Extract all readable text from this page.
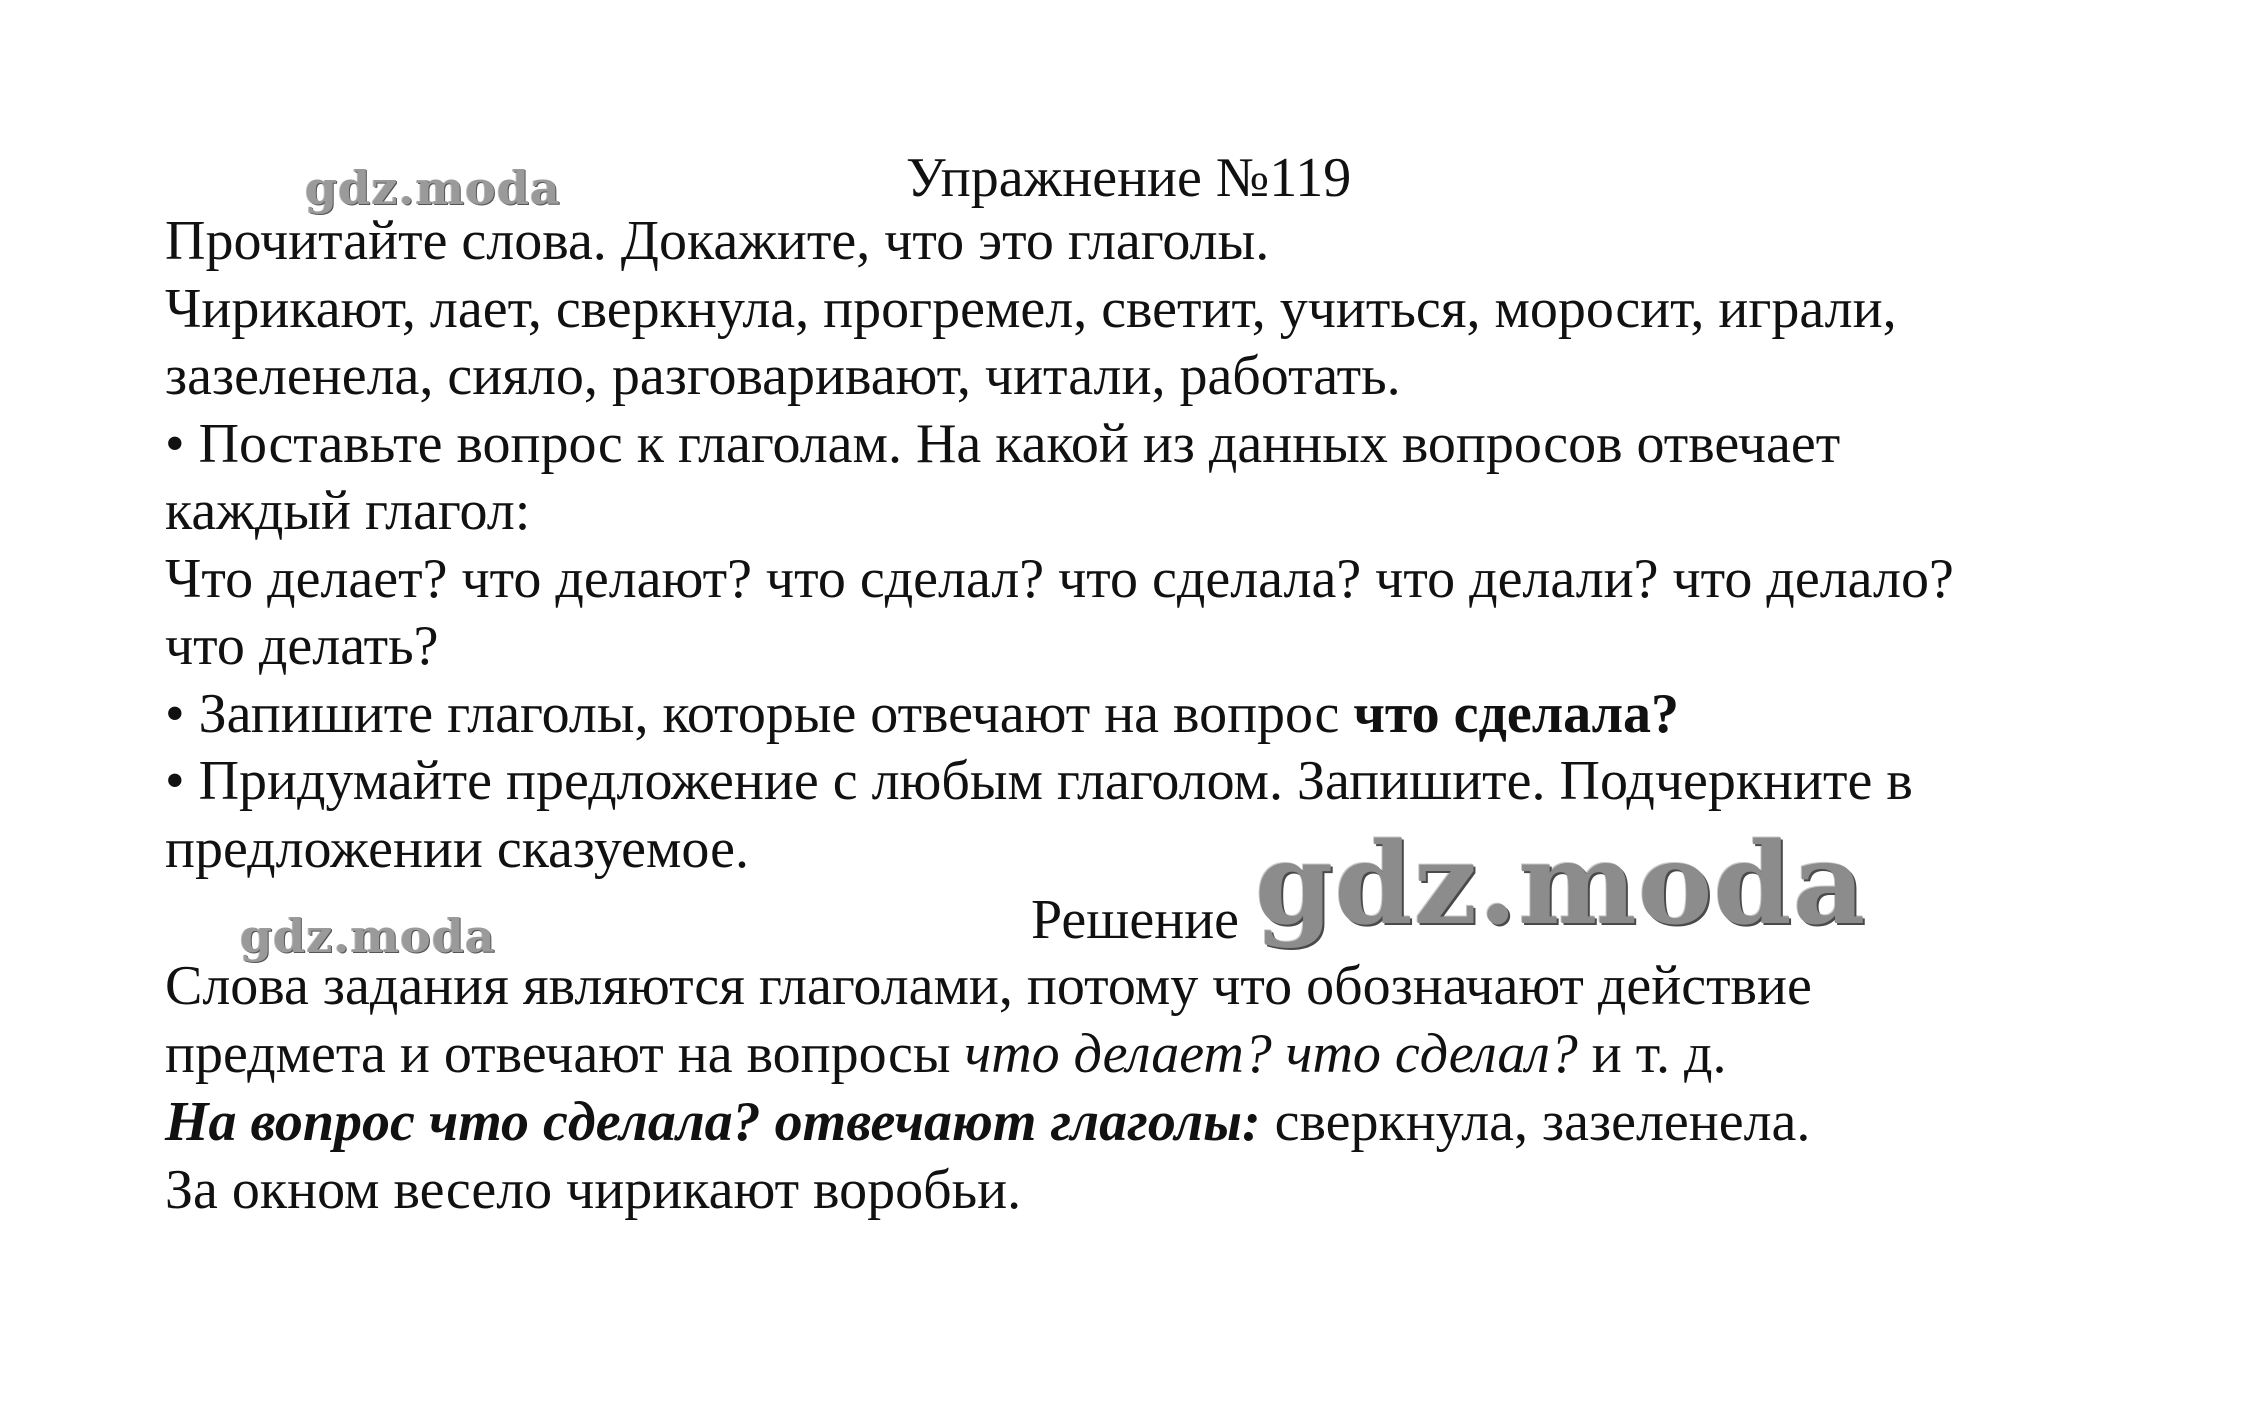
gdz.moda	Упражнение №119
Прочитайте слова. Докажите, что это глаголы.
Чирикают, лает, сверкнула, прогремел, светит, учиться, моросит, играли,
зазеленела, сияло, разговаривают, читали, работать.
• Поставьте вопрос к глаголам. На какой из данных вопросов отвечает
каждый глагол:
Что делает? что делают? что сделал? что сделала? что делали? что делало?
что делать?
• Запишите глаголы, которые отвечают на вопрос что сделала?
• Придумайте предложение с любым глаголом. Запишите. Подчеркните в
предложении сказуемое.
gdz.moda	Решение gdz.moda
Слова задания являются глаголами, потому что обозначают действие
предмета и отвечают на вопросы что делает? что сделал? и т. д.
На вопрос что сделала? отвечают глаголы: сверкнула, зазеленела.
За окном весело чирикают воробьи.
